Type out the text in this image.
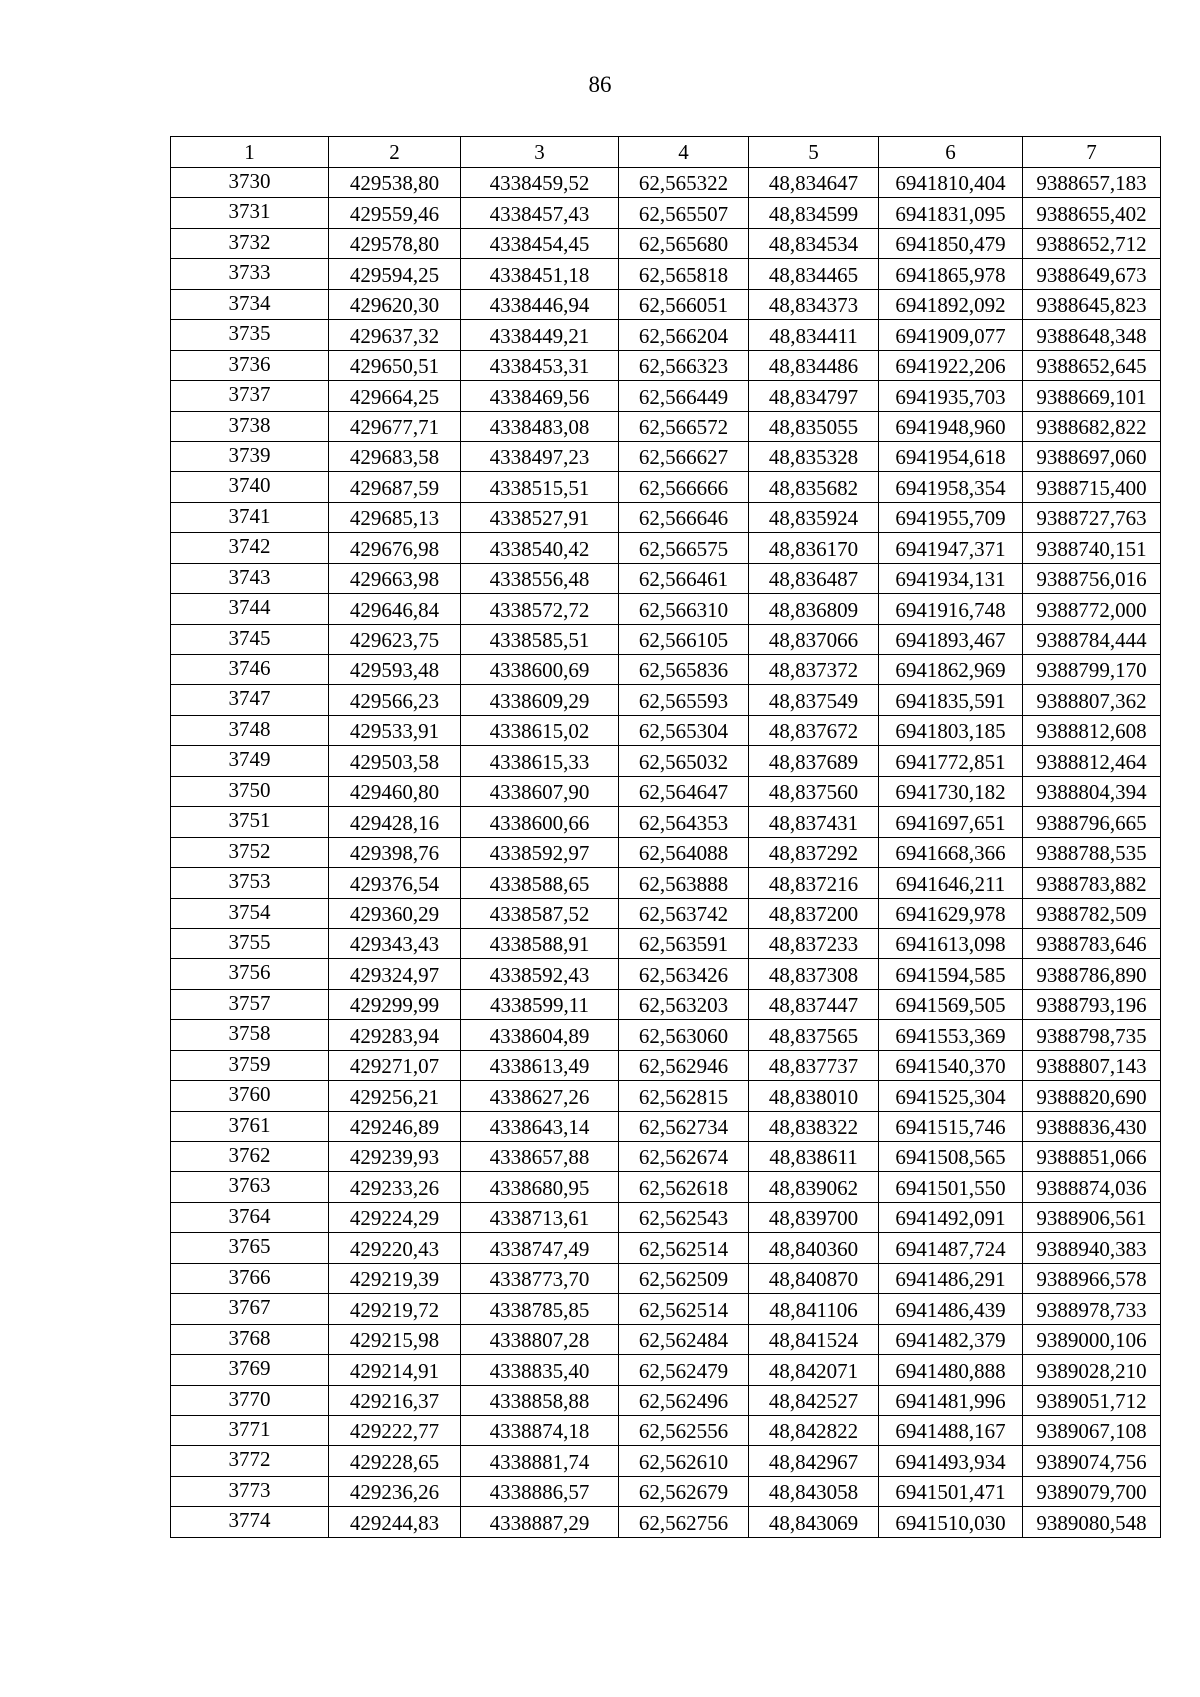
86
1	2	3	4	5	6	7
3730	429538,80	4338459,52	62,565322	48,834647	6941810,404	9388657,183
3731	429559,46	4338457,43	62,565507	48,834599	6941831,095	9388655,402
3732	429578,80	4338454,45	62,565680	48,834534	6941850,479	9388652,712
3733	429594,25	4338451,18	62,565818	48,834465	6941865,978	9388649,673
3734	429620,30	4338446,94	62,566051	48,834373	6941892,092	9388645,823
3735	429637,32	4338449,21	62,566204	48,834411	6941909,077	9388648,348
3736	429650,51	4338453,31	62,566323	48,834486	6941922,206	9388652,645
3737	429664,25	4338469,56	62,566449	48,834797	6941935,703	9388669,101
3738	429677,71	4338483,08	62,566572	48,835055	6941948,960	9388682,822
3739	429683,58	4338497,23	62,566627	48,835328	6941954,618	9388697,060
3740	429687,59	4338515,51	62,566666	48,835682	6941958,354	9388715,400
3741	429685,13	4338527,91	62,566646	48,835924	6941955,709	9388727,763
3742	429676,98	4338540,42	62,566575	48,836170	6941947,371	9388740,151
3743	429663,98	4338556,48	62,566461	48,836487	6941934,131	9388756,016
3744	429646,84	4338572,72	62,566310	48,836809	6941916,748	9388772,000
3745	429623,75	4338585,51	62,566105	48,837066	6941893,467	9388784,444
3746	429593,48	4338600,69	62,565836	48,837372	6941862,969	9388799,170
3747	429566,23	4338609,29	62,565593	48,837549	6941835,591	9388807,362
3748	429533,91	4338615,02	62,565304	48,837672	6941803,185	9388812,608
3749	429503,58	4338615,33	62,565032	48,837689	6941772,851	9388812,464
3750	429460,80	4338607,90	62,564647	48,837560	6941730,182	9388804,394
3751	429428,16	4338600,66	62,564353	48,837431	6941697,651	9388796,665
3752	429398,76	4338592,97	62,564088	48,837292	6941668,366	9388788,535
3753	429376,54	4338588,65	62,563888	48,837216	6941646,211	9388783,882
3754	429360,29	4338587,52	62,563742	48,837200	6941629,978	9388782,509
3755	429343,43	4338588,91	62,563591	48,837233	6941613,098	9388783,646
3756	429324,97	4338592,43	62,563426	48,837308	6941594,585	9388786,890
3757	429299,99	4338599,11	62,563203	48,837447	6941569,505	9388793,196
3758	429283,94	4338604,89	62,563060	48,837565	6941553,369	9388798,735
3759	429271,07	4338613,49	62,562946	48,837737	6941540,370	9388807,143
3760	429256,21	4338627,26	62,562815	48,838010	6941525,304	9388820,690
3761	429246,89	4338643,14	62,562734	48,838322	6941515,746	9388836,430
3762	429239,93	4338657,88	62,562674	48,838611	6941508,565	9388851,066
3763	429233,26	4338680,95	62,562618	48,839062	6941501,550	9388874,036
3764	429224,29	4338713,61	62,562543	48,839700	6941492,091	9388906,561
3765	429220,43	4338747,49	62,562514	48,840360	6941487,724	9388940,383
3766	429219,39	4338773,70	62,562509	48,840870	6941486,291	9388966,578
3767	429219,72	4338785,85	62,562514	48,841106	6941486,439	9388978,733
3768	429215,98	4338807,28	62,562484	48,841524	6941482,379	9389000,106
3769	429214,91	4338835,40	62,562479	48,842071	6941480,888	9389028,210
3770	429216,37	4338858,88	62,562496	48,842527	6941481,996	9389051,712
3771	429222,77	4338874,18	62,562556	48,842822	6941488,167	9389067,108
3772	429228,65	4338881,74	62,562610	48,842967	6941493,934	9389074,756
3773	429236,26	4338886,57	62,562679	48,843058	6941501,471	9389079,700
3774	429244,83	4338887,29	62,562756	48,843069	6941510,030	9389080,548
